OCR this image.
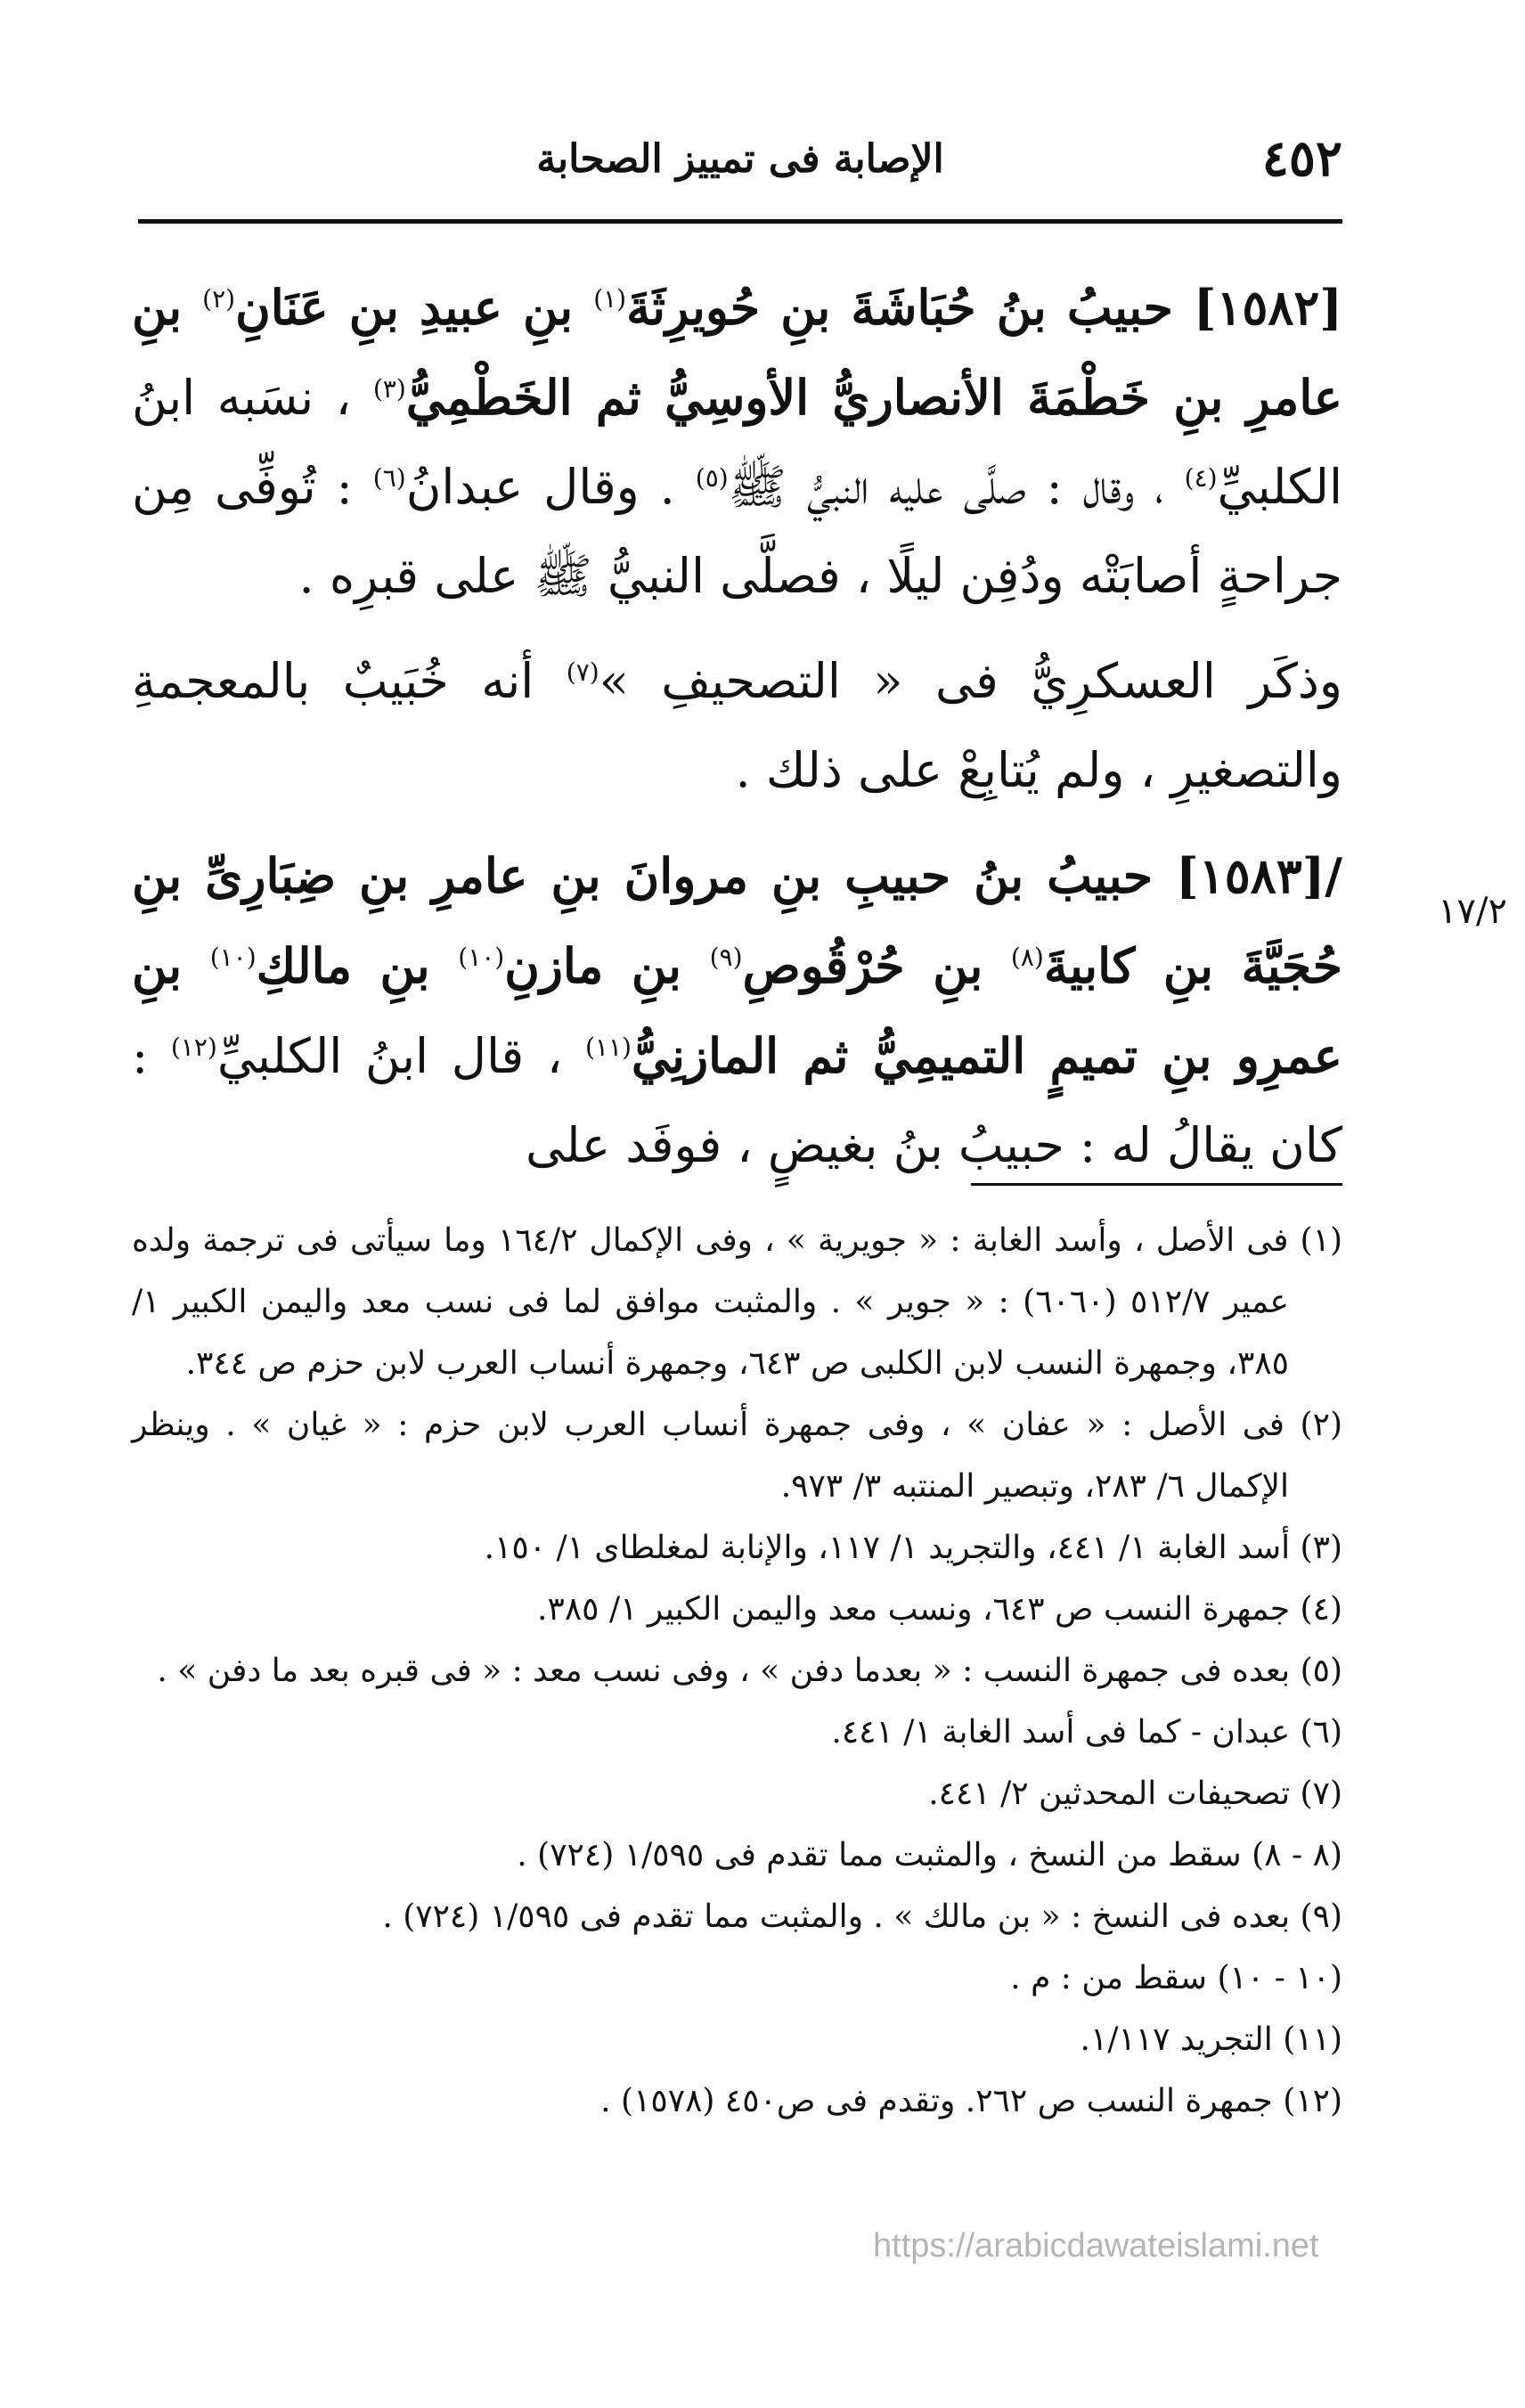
٤٥٢
الإصابة فى تمييز الصحابة
١٧/٢

[١٥٨٢] حبيبُ بنُ حُبَاشَةَ بنِ حُويرِثَةَ$^{(١)}$ بنِ عبيدِ بنِ عَنَانِ$^{(٢)}$ بنِ عامرِ بنِ خَطْمَةَ الأنصاريُّ الأوسِيُّ ثم الخَطْمِيُّ$^{(٣)}$ ، نسَبه ابنُ الكلبيِّ$^{(٤)}$ ، وقال : صلَّى عليه النبيُّ ﷺ$^{(٥)}$ . وقال عبدانُ$^{(٦)}$ : تُوفِّى مِن جراحةٍ أصابَتْه ودُفِن ليلًا ، فصلَّى النبيُّ ﷺ على قبرِه .

وذكَر العسكرِيُّ فى « التصحيفِ »$^{(٧)}$ أنه خُبَيبٌ بالمعجمةِ والتصغيرِ ، ولم يُتابِعْ على ذلك .

/[١٥٨٣] حبيبُ بنُ حبيبِ بنِ مروانَ بنِ عامرِ بنِ ضِبَارِىِّ بنِ حُجَيَّةَ بنِ كابيةَ$^{(٨)}$ بنِ حُرْقُوصِ$^{(٩)}$ بنِ مازنِ$^{(١٠)}$ بنِ مالكِ$^{(١٠)}$ بنِ عمرِو بنِ تميمٍ التميمِيُّ ثم المازنِيُّ$^{(١١)}$ ، قال ابنُ الكلبيِّ$^{(١٢)}$ : كان يقالُ له : حبيبُ بنُ بغيضٍ ، فوفَد على

(١) فى الأصل ، وأسد الغابة : « جويرية » ، وفى الإكمال ١٦٤/٢ وما سيأتى فى ترجمة ولده عمير ٥١٢/٧ (٦٠٦٠) : « جوير » . والمثبت موافق لما فى نسب معد واليمن الكبير ١/ ٣٨٥، وجمهرة النسب لابن الكلبى ص ٦٤٣، وجمهرة أنساب العرب لابن حزم ص ٣٤٤.
(٢) فى الأصل : « عفان » ، وفى جمهرة أنساب العرب لابن حزم : « غيان » . وينظر الإكمال ٦/ ٢٨٣، وتبصير المنتبه ٣/ ٩٧٣.
(٣) أسد الغابة ١/ ٤٤١، والتجريد ١/ ١١٧، والإنابة لمغلطاى ١/ ١٥٠.
(٤) جمهرة النسب ص ٦٤٣، ونسب معد واليمن الكبير ١/ ٣٨٥.
(٥) بعده فى جمهرة النسب : « بعدما دفن » ، وفى نسب معد : « فى قبره بعد ما دفن » .
(٦) عبدان - كما فى أسد الغابة ١/ ٤٤١.
(٧) تصحيفات المحدثين ٢/ ٤٤١.
(٨ - ٨) سقط من النسخ ، والمثبت مما تقدم فى ١/٥٩٥ (٧٢٤) .
(٩) بعده فى النسخ : « بن مالك » . والمثبت مما تقدم فى ١/٥٩٥ (٧٢٤) .
(١٠ - ١٠) سقط من : م .
(١١) التجريد ١/١١٧.
(١٢) جمهرة النسب ص ٢٦٢. وتقدم فى ص٤٥٠ (١٥٧٨) .
https://arabicdawateislami.net
